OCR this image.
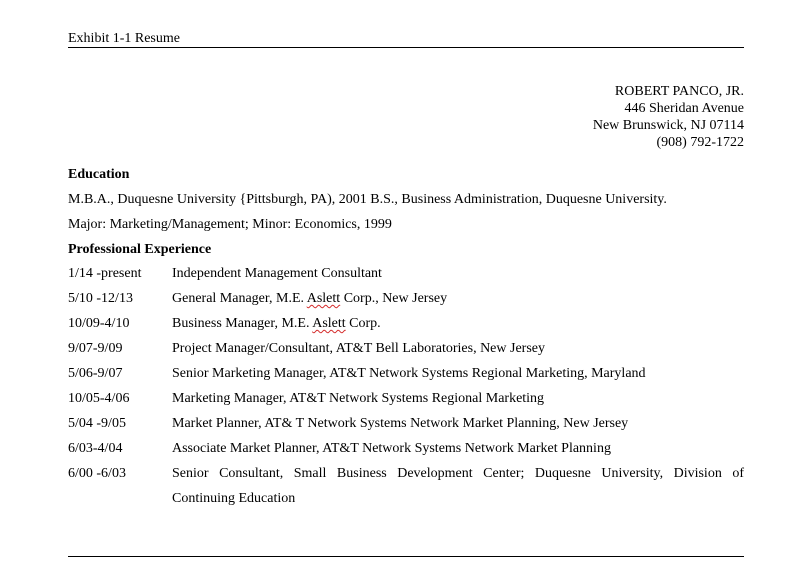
Exhibit 1-1 Resume
ROBERT PANCO, JR.
446 Sheridan Avenue
New Brunswick, NJ 07114
(908) 792-1722
Education
M.B.A., Duquesne University {Pittsburgh, PA), 2001 B.S., Business Administration, Duquesne University.
Major: Marketing/Management; Minor: Economics, 1999
Professional Experience
1/14 -present Independent Management Consultant
5/10 -12/13	General Manager, M.E. Aslett Corp., New Jersey
10/09-4/10	Business Manager, M.E. Aslett Corp.
9/07-9/09	Project Manager/Consultant, AT&T Bell Laboratories, New Jersey
5/06-9/07	Senior Marketing Manager, AT&T Network Systems Regional Marketing, Maryland
10/05-4/06	Marketing Manager, AT&T Network Systems Regional Marketing
5/04 -9/05	Market Planner, AT& T Network Systems Network Market Planning, New Jersey
6/03-4/04	Associate Market Planner, AT&T Network Systems Network Market Planning
6/00 -6/03	Senior Consultant, Small Business Development Center; Duquesne University, Division of
Continuing Education
